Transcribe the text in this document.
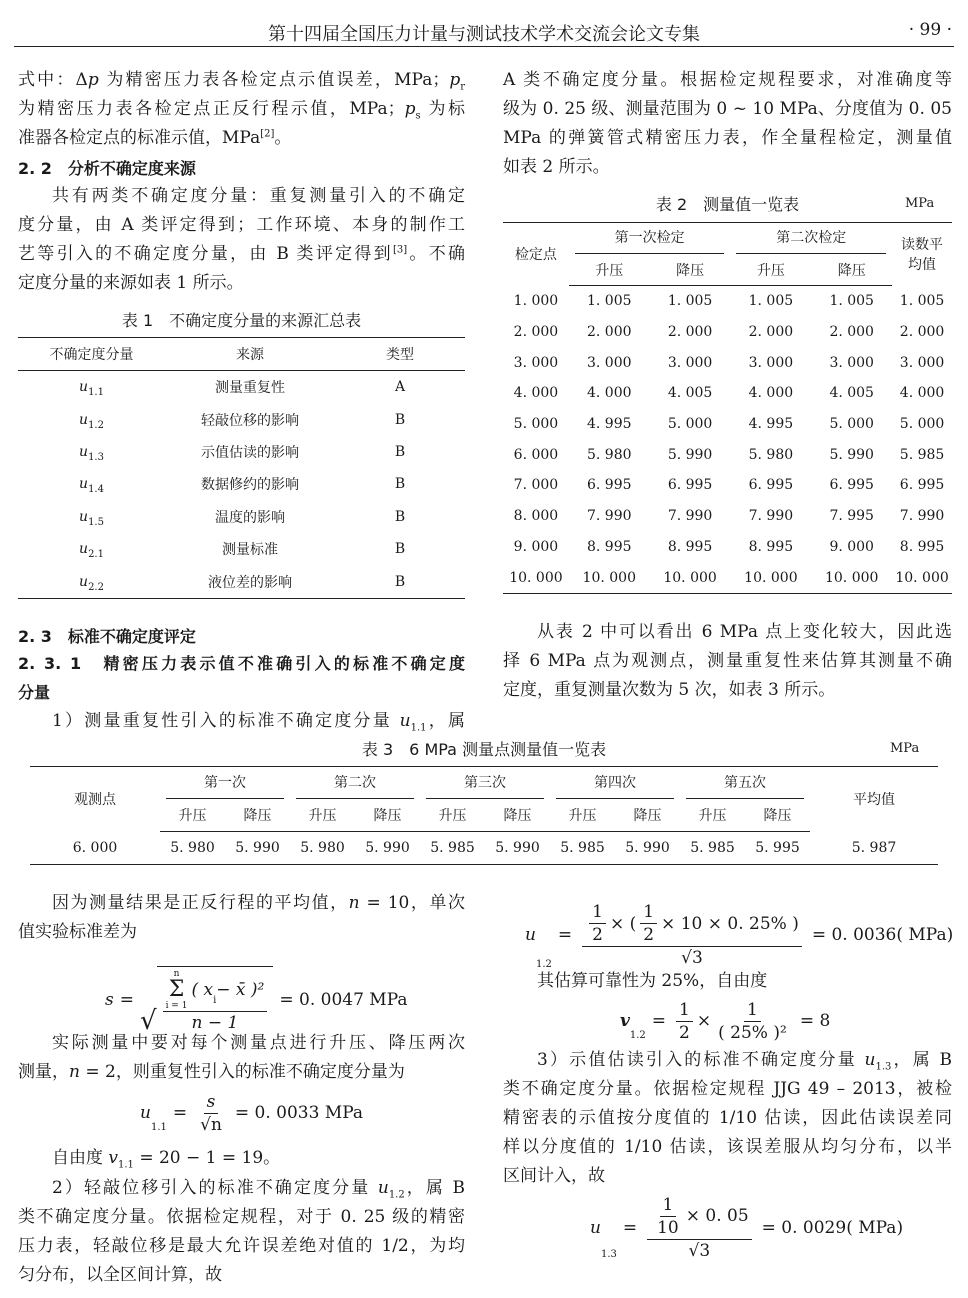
第十四届全国压力计量与测试技术学术交流会论文专集	· 99 ·
式中：Δp 为精密压力表各检定点示值误差，MPa；$p_r$
为精密压力表各检定点正反行程示值，MPa；$p_s$ 为标
准器各检定点的标准示值，MPa[2]。
2. 2　分析不确定度来源
共有两类不确定度分量：重复测量引入的不确定
度分量，由 A 类评定得到；工作环境、本身的制作工
艺等引入的不确定度分量，由 B 类评定得到[3]。不确
定度分量的来源如表 1 所示。
表 1　不确定度分量的来源汇总表
不确定度分量	来源	类型
$u_{1.1}$	测量重复性	A
$u_{1.2}$	轻敲位移的影响	B
$u_{1.3}$	示值估读的影响	B
$u_{1.4}$	数据修约的影响	B
$u_{1.5}$	温度的影响	B
$u_{2.1}$	测量标准	B
$u_{2.2}$	液位差的影响	B
2. 3　标准不确定度评定
2. 3. 1　精密压力表示值不准确引入的标准不确定度
分量
1）测量重复性引入的标准不确定度分量 $u_{1.1}$，属
表 3　6 MPa 测量点测量值一览表	MPa
观测点	第一次		第二次		第三次		第四次		第五次		平均值
	升压	降压	升压	降压	升压	降压	升压	降压	升压	降压	
6. 000	5. 980	5. 990	5. 980	5. 990	5. 985	5. 990	5. 985	5. 990	5. 985	5. 995	5. 987
因为测量结果是正反行程的平均值，n = 10，单次
值实验标准差为
s =
√ n
Σ
i = 1
( x
$_i$
− x̄ )²
n − 1 = 0. 0047 MPa
实际测量中要对每个测量点进行升压、降压两次
测量，n = 2，则重复性引入的标准不确定度分量为
u
$_{1.1}$
= $\frac{s}{√n} = 0$. 0033 MPa
自由度 $v_{1.1} = 20 - 1 = 19$。
2）轻敲位移引入的标准不确定度分量 $u_{1.2}$，属 B
类不确定度分量。依据检定规程，对于 0. 25 级的精密
压力表，轻敲位移是最大允许误差绝对值的 1/2，为均
匀分布，以全区间计算，故
A 类不确定度分量。根据检定规程要求，对准确度等
级为 0. 25 级、测量范围为 0 ~ 10 MPa、分度值为 0. 05
MPa 的弹簧管式精密压力表，作全量程检定，测量值
如表 2 所示。
表 2　测量值一览表	MPa
检定点	第一次检定		第二次检定		读数平均值
	升压	降压	升压	降压	
1. 000	1. 005	1. 005	1. 005	1. 005	1. 005
2. 000	2. 000	2. 000	2. 000	2. 000	2. 000
3. 000	3. 000	3. 000	3. 000	3. 000	3. 000
4. 000	4. 000	4. 005	4. 000	4. 005	4. 000
5. 000	4. 995	5. 000	4. 995	5. 000	5. 000
6. 000	5. 980	5. 990	5. 980	5. 990	5. 985
7. 000	6. 995	6. 995	6. 995	6. 995	6. 995
8. 000	7. 990	7. 990	7. 990	7. 995	7. 990
9. 000	8. 995	8. 995	8. 995	9. 000	8. 995
10. 000	10. 000	10. 000	10. 000	10. 000	10. 000
从表 2 中可以看出 6 MPa 点上变化较大，因此选
择 6 MPa 点为观测点，测量重复性来估算其测量不确
定度，重复测量次数为 5 次，如表 3 所示。
u
1.2
= $\frac{\frac{1}{2} \times ( \frac{1}{2} \times 10 \times 0. 25\% )}{√3} = 0$. 0036( MPa)
其估算可靠性为 25%，自由度
v
$_{1.2}$
= $\frac{1}{2} \times \frac{1}{\text{( 25\% )²}} = 8$
3）示值估读引入的标准不确定度分量 $u_{1.3}$，属 B
类不确定度分量。依据检定规程 JJG 49 – 2013，被检
精密表的示值按分度值的 1/10 估读，因此估读误差同
样以分度值的 1/10 估读，该误差服从均匀分布，以半
区间计入，故
u
1.3
= $\frac{\frac{1}{10} \times 0. 05}{√3} = 0$. 0029( MPa)
